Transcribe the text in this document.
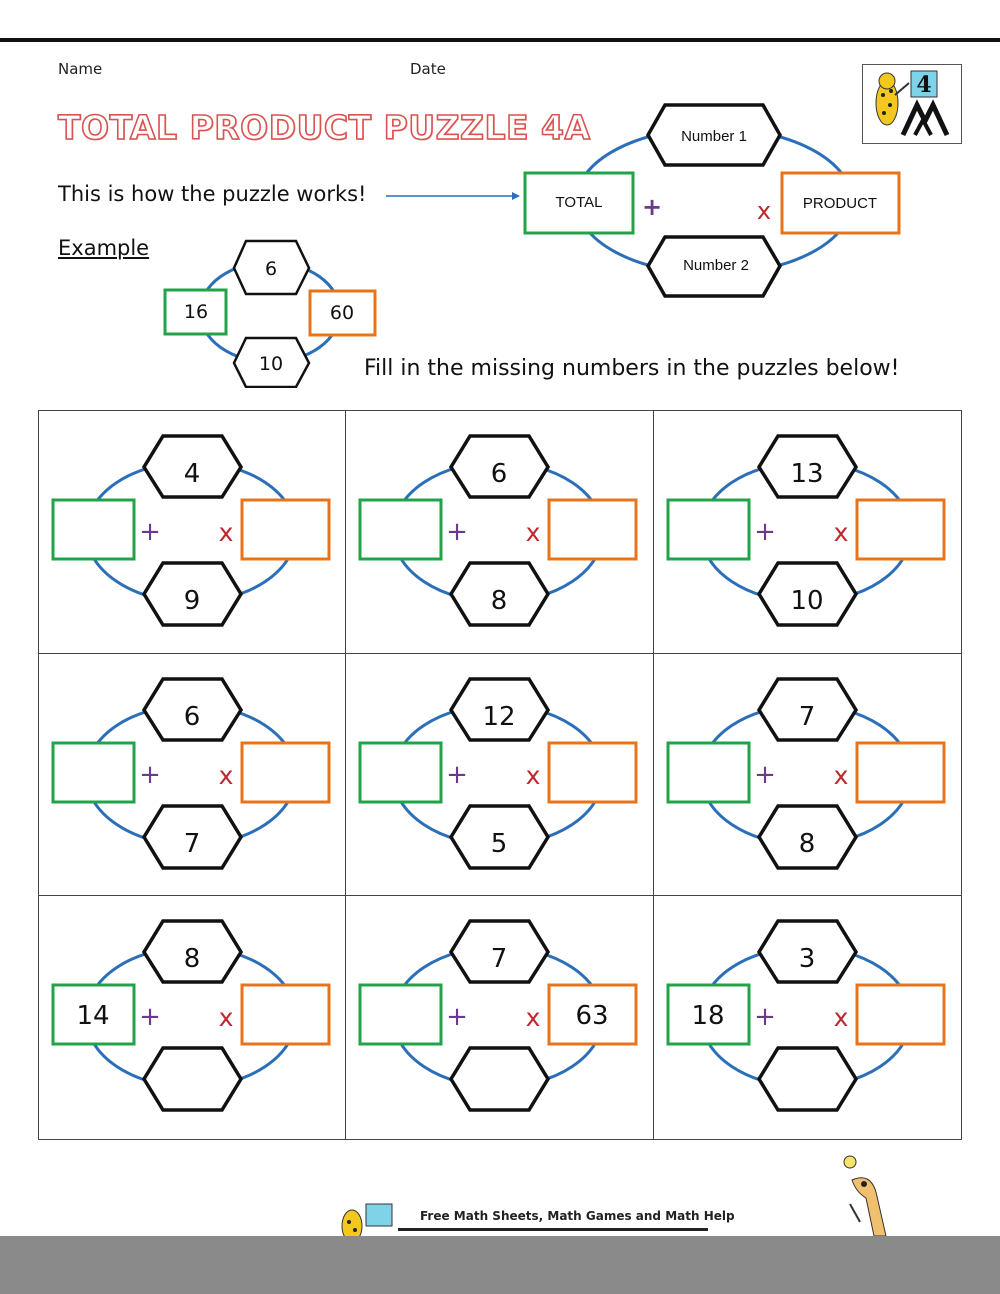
Name	Date
TOTAL PRODUCT PUZZLE 4A
4
This is how the puzzle works!
Example
Number 1
Number 2
TOTAL	PRODUCT
+	x
6
10
16	60
Fill in the missing numbers in the puzzles below!
+ x
4
9
+ x
6
8
+ x
13
10
+ x
6
7
+ x
12
5
+ x
7
8
+ x
8
14	+ x
7
63	+ x
3
18
Free Math Sheets, Math Games and Math Help
